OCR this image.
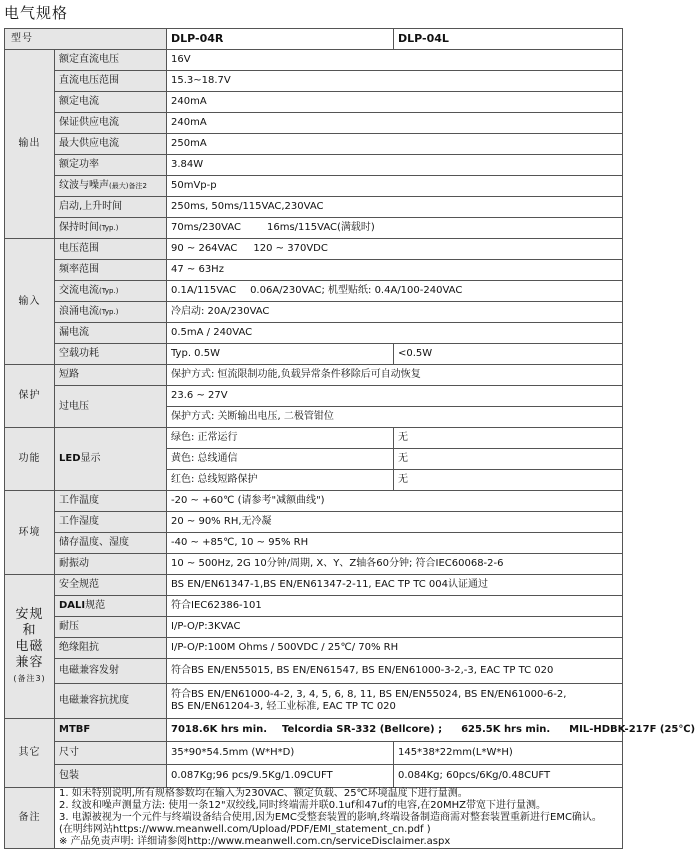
电气规格
型号		DLP-04R	DLP-04L
输出	额定直流电压	16V	
	直流电压范围	15.3~18.7V	
	额定电流	240mA	
	保证供应电流	240mA	
	最大供应电流	250mA	
	额定功率	3.84W	
	纹波与噪声(最大)备注2	50mVp-p	
	启动,上升时间	250ms, 50ms/115VAC,230VAC	
	保持时间(Typ.)	70ms/230VAC 16ms/115VAC(满载时)	
输入	电压范围	90 ~ 264VAC 120 ~ 370VDC	
	频率范围	47 ~ 63Hz	
	交流电流(Typ.)	0.1A/115VAC 0.06A/230VAC; 机型贴纸: 0.4A/100-240VAC	
	浪涌电流(Typ.)	冷启动: 20A/230VAC	
	漏电流	0.5mA / 240VAC	
	空载功耗	Typ. 0.5W	<0.5W
保护	短路	保护方式: 恒流限制功能,负载异常条件移除后可自动恢复	
	过电压	23.6 ~ 27V	
		保护方式: 关断输出电压, 二极管钳位	
功能	LED显示	绿色: 正常运行	无
		黄色: 总线通信	无
		红色: 总线短路保护	无
环境	工作温度	-20 ~ +60℃ (请参考"减额曲线")	
	工作湿度	20 ~ 90% RH,无冷凝	
	储存温度、湿度	-40 ~ +85℃, 10 ~ 95% RH	
	耐振动	10 ~ 500Hz, 2G 10分钟/周期, X、Y、Z轴各60分钟; 符合IEC60068-2-6	

安规
和
电磁
兼容
(备注3)	安全规范	BS EN/EN61347-1,BS EN/EN61347-2-11, EAC TP TC 004认证通过	
	DALI规范	符合IEC62386-101	
	耐压	I/P-O/P:3KVAC	
	绝缘阻抗	I/P-O/P:100M Ohms / 500VDC / 25℃/ 70% RH	
	电磁兼容发射	符合BS EN/EN55015, BS EN/EN61547, BS EN/EN61000-3-2,-3, EAC TP TC 020	
	电磁兼容抗扰度	符合BS EN/EN61000-4-2, 3, 4, 5, 6, 8, 11, BS EN/EN55024, BS EN/EN61000-6-2,
BS EN/EN61204-3, 轻工业标准, EAC TP TC 020	

其它	MTBF	7018.6K hrs min. Telcordia SR-332 (Bellcore) ; 625.5K hrs min. MIL-HDBK-217F (25℃)	
	尺寸	35*90*54.5mm (W*H*D)	145*38*22mm(L*W*H)
	包装	0.087Kg;96 pcs/9.5Kg/1.09CUFT	0.084Kg; 60pcs/6Kg/0.48CUFT
备注	1. 如未特别说明,所有规格参数均在输入为230VAC、额定负载、25℃环境温度下进行量测。
2. 纹波和噪声测量方法: 使用一条12"双绞线,同时终端需并联0.1uf和47uf的电容,在20MHZ带宽下进行量测。
3. 电源被视为一个元件与终端设备结合使用,因为EMC受整套装置的影响,终端设备制造商需对整套装置重新进行EMC确认。
(在明纬网站https://www.meanwell.com/Upload/PDF/EMI_statement_cn.pdf )
※ 产品免责声明: 详细请参阅http://www.meanwell.com.cn/serviceDisclaimer.aspx		
